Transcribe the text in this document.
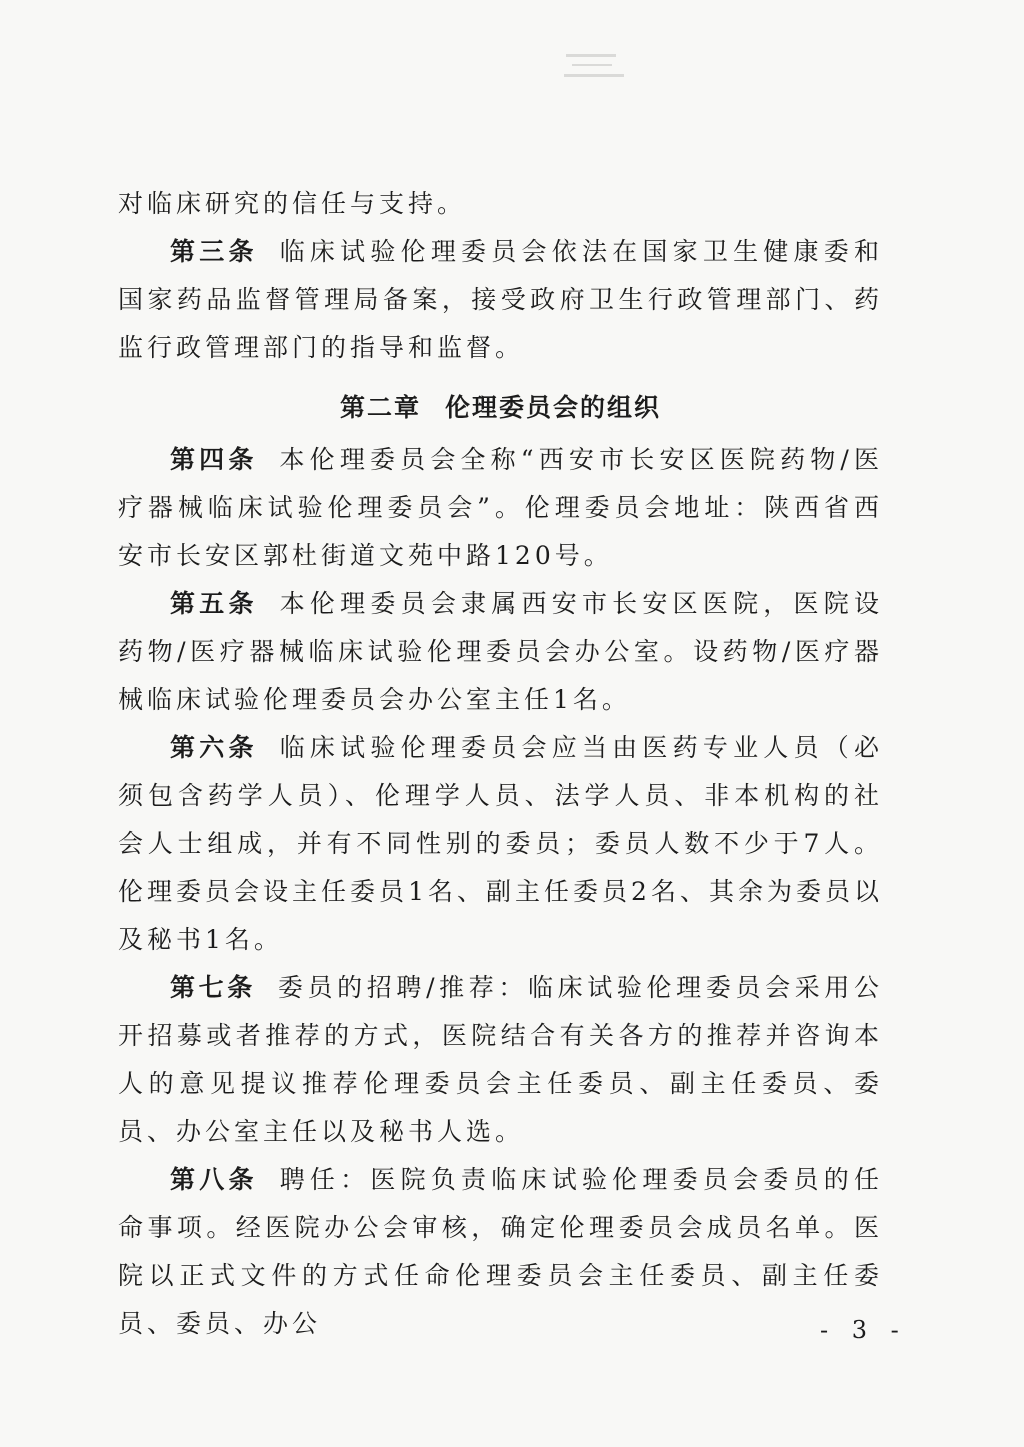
对临床研究的信任与支持。

第三条 临床试验伦理委员会依法在国家卫生健康委和国家药品监督管理局备案，接受政府卫生行政管理部门、药监行政管理部门的指导和监督。

第二章 伦理委员会的组织

第四条 本伦理委员会全称“西安市长安区医院药物/医疗器械临床试验伦理委员会”。伦理委员会地址：陕西省西安市长安区郭杜街道文苑中路120号。

第五条 本伦理委员会隶属西安市长安区医院，医院设药物/医疗器械临床试验伦理委员会办公室。设药物/医疗器械临床试验伦理委员会办公室主任1名。

第六条 临床试验伦理委员会应当由医药专业人员（必须包含药学人员）、伦理学人员、法学人员、非本机构的社会人士组成，并有不同性别的委员；委员人数不少于7人。伦理委员会设主任委员1名、副主任委员2名、其余为委员以及秘书1名。

第七条 委员的招聘/推荐：临床试验伦理委员会采用公开招募或者推荐的方式，医院结合有关各方的推荐并咨询本人的意见提议推荐伦理委员会主任委员、副主任委员、委员、办公室主任以及秘书人选。

第八条 聘任：医院负责临床试验伦理委员会委员的任命事项。经医院办公会审核，确定伦理委员会成员名单。医院以正式文件的方式任命伦理委员会主任委员、副主任委员、委员、办公	- 3 -
